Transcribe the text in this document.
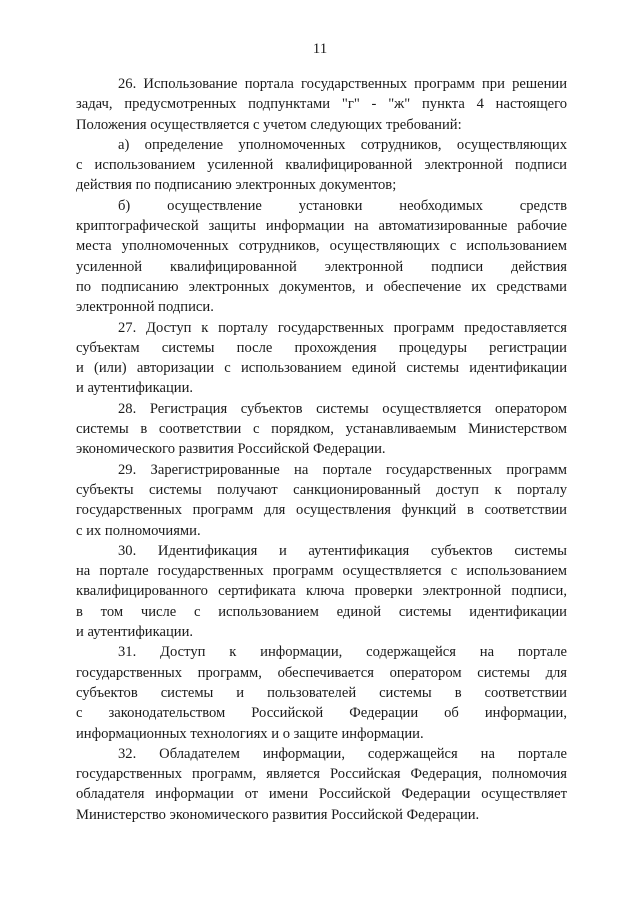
11
26. Использование портала государственных программ при решении
задач, предусмотренных подпунктами "г" - "ж" пункта 4 настоящего
Положения осуществляется с учетом следующих требований:
а) определение уполномоченных сотрудников, осуществляющих
с использованием усиленной квалифицированной электронной подписи
действия по подписанию электронных документов;
б) осуществление установки необходимых средств
криптографической защиты информации на автоматизированные рабочие
места уполномоченных сотрудников, осуществляющих с использованием
усиленной квалифицированной электронной подписи действия
по подписанию электронных документов, и обеспечение их средствами
электронной подписи.
27. Доступ к порталу государственных программ предоставляется
субъектам системы после прохождения процедуры регистрации
и (или) авторизации с использованием единой системы идентификации
и аутентификации.
28. Регистрация субъектов системы осуществляется оператором
системы в соответствии с порядком, устанавливаемым Министерством
экономического развития Российской Федерации.
29. Зарегистрированные на портале государственных программ
субъекты системы получают санкционированный доступ к порталу
государственных программ для осуществления функций в соответствии
с их полномочиями.
30. Идентификация и аутентификация субъектов системы
на портале государственных программ осуществляется с использованием
квалифицированного сертификата ключа проверки электронной подписи,
в том числе с использованием единой системы идентификации
и аутентификации.
31. Доступ к информации, содержащейся на портале
государственных программ, обеспечивается оператором системы для
субъектов системы и пользователей системы в соответствии
с законодательством Российской Федерации об информации,
информационных технологиях и о защите информации.
32. Обладателем информации, содержащейся на портале
государственных программ, является Российская Федерация, полномочия
обладателя информации от имени Российской Федерации осуществляет
Министерство экономического развития Российской Федерации.
